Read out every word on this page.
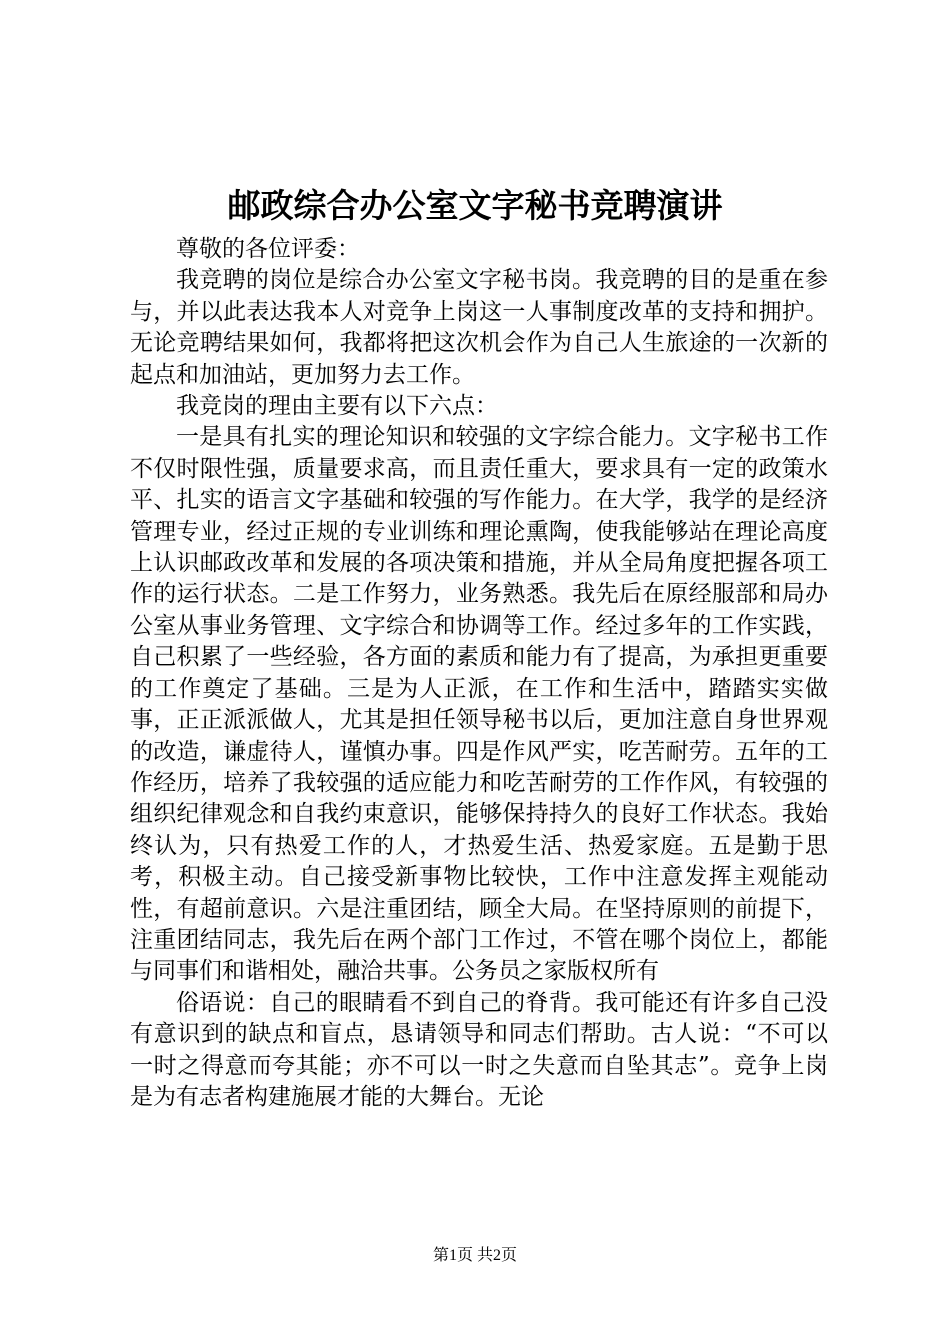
邮政综合办公室文字秘书竞聘演讲

尊敬的各位评委：

我竞聘的岗位是综合办公室文字秘书岗。我竞聘的目的是重在参与，并以此表达我本人对竞争上岗这一人事制度改革的支持和拥护。无论竞聘结果如何，我都将把这次机会作为自己人生旅途的一次新的起点和加油站，更加努力去工作。

我竞岗的理由主要有以下六点：

一是具有扎实的理论知识和较强的文字综合能力。文字秘书工作不仅时限性强，质量要求高，而且责任重大，要求具有一定的政策水平、扎实的语言文字基础和较强的写作能力。在大学，我学的是经济管理专业，经过正规的专业训练和理论熏陶，使我能够站在理论高度上认识邮政改革和发展的各项决策和措施，并从全局角度把握各项工作的运行状态。二是工作努力，业务熟悉。我先后在原经服部和局办公室从事业务管理、文字综合和协调等工作。经过多年的工作实践，自己积累了一些经验，各方面的素质和能力有了提高，为承担更重要的工作奠定了基础。三是为人正派，在工作和生活中，踏踏实实做事，正正派派做人，尤其是担任领导秘书以后，更加注意自身世界观的改造，谦虚待人，谨慎办事。四是作风严实，吃苦耐劳。五年的工作经历，培养了我较强的适应能力和吃苦耐劳的工作作风，有较强的组织纪律观念和自我约束意识，能够保持持久的良好工作状态。我始终认为，只有热爱工作的人，才热爱生活、热爱家庭。五是勤于思考，积极主动。自己接受新事物比较快，工作中注意发挥主观能动性，有超前意识。六是注重团结，顾全大局。在坚持原则的前提下，注重团结同志，我先后在两个部门工作过，不管在哪个岗位上，都能与同事们和谐相处，融洽共事。公务员之家版权所有

俗语说：自己的眼睛看不到自己的脊背。我可能还有许多自己没有意识到的缺点和盲点，恳请领导和同志们帮助。古人说：“不可以一时之得意而夸其能；亦不可以一时之失意而自坠其志”。竞争上岗是为有志者构建施展才能的大舞台。无论

第1页 共2页
